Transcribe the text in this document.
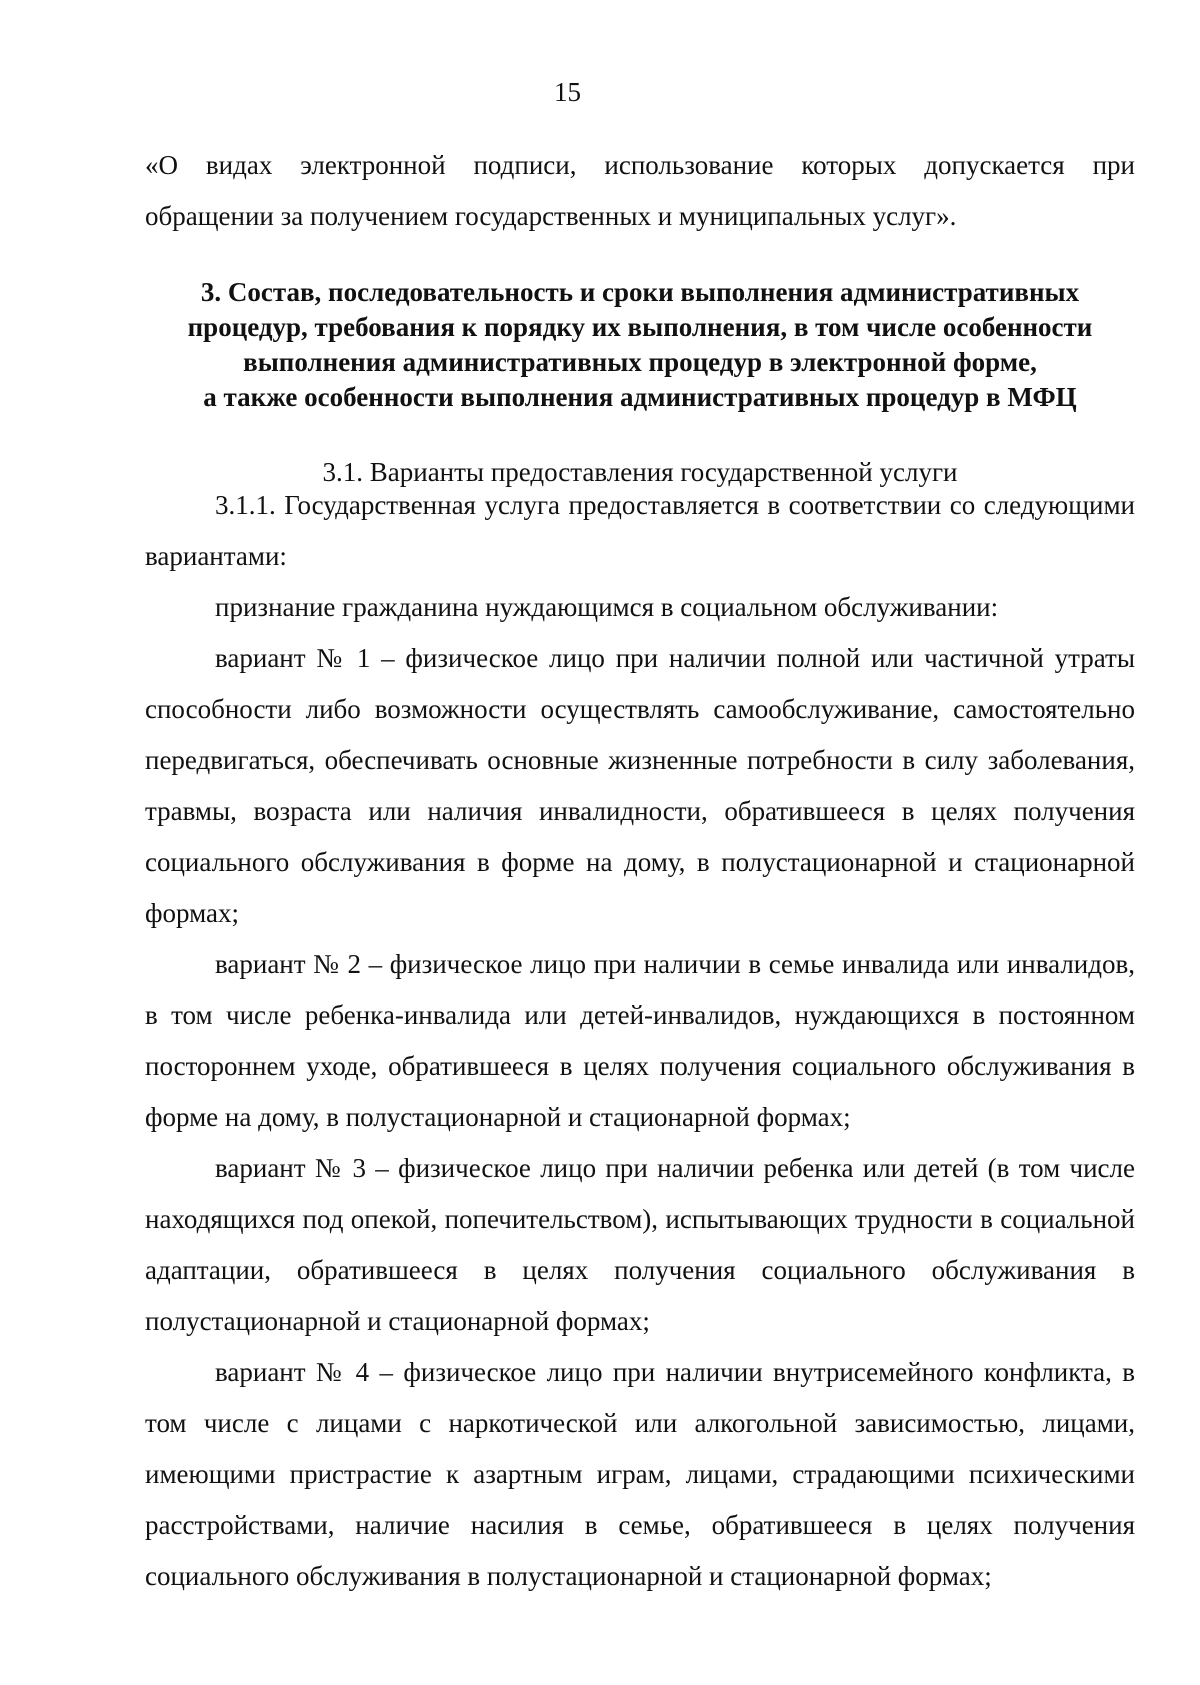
15
«О видах электронной подписи, использование которых допускается при
обращении за получением государственных и муниципальных услуг».
3. Состав, последовательность и сроки выполнения административных
процедур, требования к порядку их выполнения, в том числе особенности
выполнения административных процедур в электронной форме,
а также особенности выполнения административных процедур в МФЦ
3.1. Варианты предоставления государственной услуги

3.1.1. Государственная услуга предоставляется в соответствии со следующими вариантами:

признание гражданина нуждающимся в социальном обслуживании:

вариант № 1 – физическое лицо при наличии полной или частичной утраты способности либо возможности осуществлять самообслуживание, самостоятельно передвигаться, обеспечивать основные жизненные потребности в силу заболевания, травмы, возраста или наличия инвалидности, обратившееся в целях получения социального обслуживания в форме на дому, в полустационарной и стационарной формах;

вариант № 2 – физическое лицо при наличии в семье инвалида или инвалидов, в том числе ребенка-инвалида или детей-инвалидов, нуждающихся в постоянном постороннем уходе, обратившееся в целях получения социального обслуживания в форме на дому, в полустационарной и стационарной формах;

вариант № 3 – физическое лицо при наличии ребенка или детей (в том числе находящихся под опекой, попечительством), испытывающих трудности в социальной адаптации, обратившееся в целях получения социального обслуживания в полустационарной и стационарной формах;

вариант № 4 – физическое лицо при наличии внутрисемейного конфликта, в том числе с лицами с наркотической или алкогольной зависимостью, лицами, имеющими пристрастие к азартным играм, лицами, страдающими психическими расстройствами, наличие насилия в семье, обратившееся в целях получения социального обслуживания в полустационарной и стационарной формах;
